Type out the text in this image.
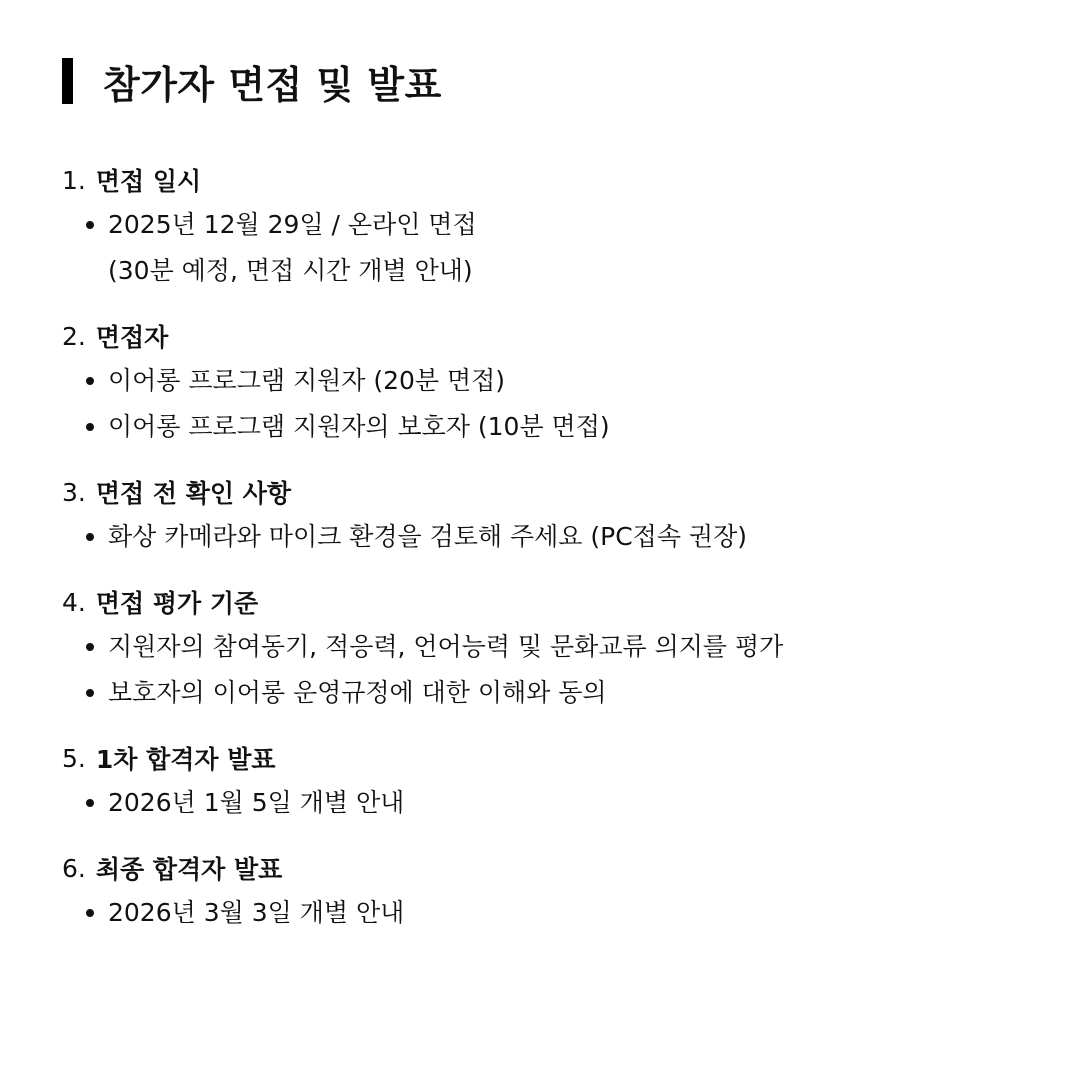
참가자 면접 및 발표
1. 면접 일시
2025년 12월 29일 / 온라인 면접
(30분 예정, 면접 시간 개별 안내)
2. 면접자
이어롱 프로그램 지원자 (20분 면접)
이어롱 프로그램 지원자의 보호자 (10분 면접)
3. 면접 전 확인 사항
화상 카메라와 마이크 환경을 검토해 주세요 (PC접속 권장)
4. 면접 평가 기준
지원자의 참여동기, 적응력, 언어능력 및 문화교류 의지를 평가
보호자의 이어롱 운영규정에 대한 이해와 동의
5. 1차 합격자 발표
2026년 1월 5일 개별 안내
6. 최종 합격자 발표
2026년 3월 3일 개별 안내
